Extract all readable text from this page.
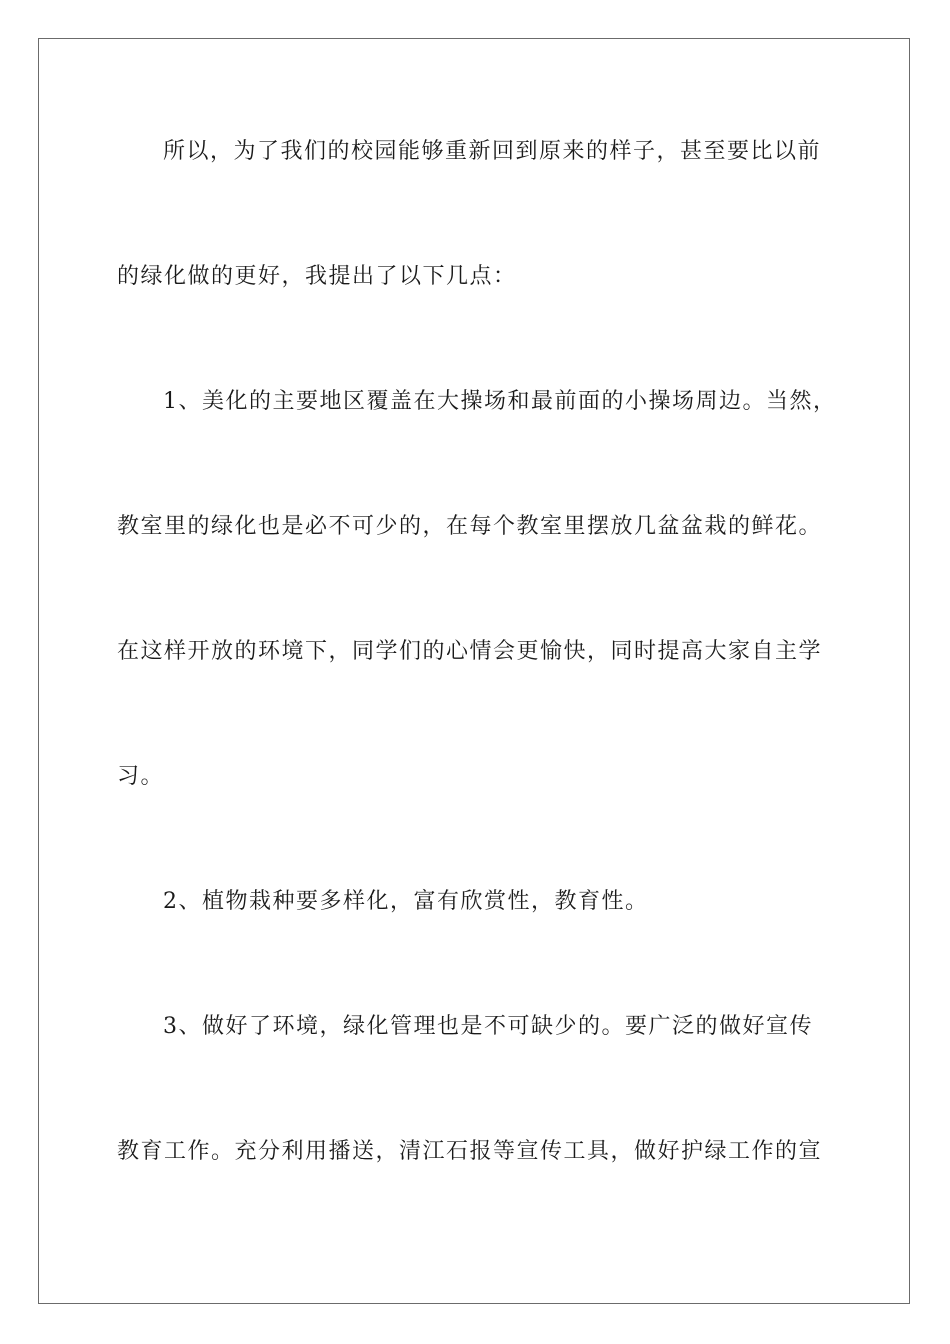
所以，为了我们的校园能够重新回到原来的样子，甚至要比以前
的绿化做的更好，我提出了以下几点：
1、美化的主要地区覆盖在大操场和最前面的小操场周边。当然，
教室里的绿化也是必不可少的，在每个教室里摆放几盆盆栽的鲜花。
在这样开放的环境下，同学们的心情会更愉快，同时提高大家自主学
习。
2、植物栽种要多样化，富有欣赏性，教育性。
3、做好了环境，绿化管理也是不可缺少的。要广泛的做好宣传
教育工作。充分利用播送，清江石报等宣传工具，做好护绿工作的宣
